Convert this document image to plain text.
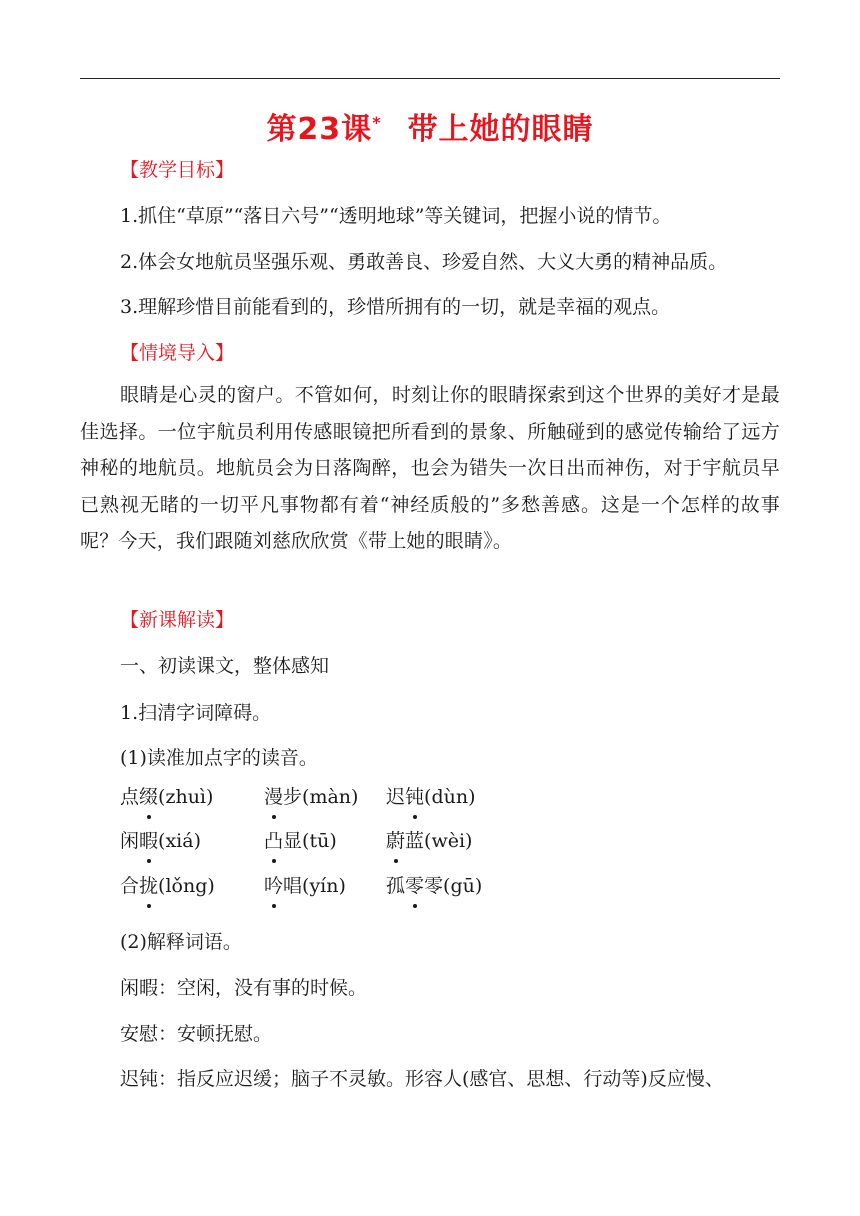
第23课* 带上她的眼睛
【教学目标】
1.抓住“草原”“落日六号”“透明地球”等关键词，把握小说的情节。
2.体会女地航员坚强乐观、勇敢善良、珍爱自然、大义大勇的精神品质。
3.理解珍惜目前能看到的，珍惜所拥有的一切，就是幸福的观点。
【情境导入】
眼睛是心灵的窗户。不管如何，时刻让你的眼睛探索到这个世界的美好才是最佳选择。一位宇航员利用传感眼镜把所看到的景象、所触碰到的感觉传输给了远方神秘的地航员。地航员会为日落陶醉，也会为错失一次日出而神伤，对于宇航员早已熟视无睹的一切平凡事物都有着“神经质般的”多愁善感。这是一个怎样的故事呢？今天，我们跟随刘慈欣欣赏《带上她的眼睛》。
【新课解读】
一、初读课文，整体感知
1.扫清字词障碍。
(1)读准加点字的读音。
点缀(zhuì)	漫步(màn) 迟钝(dùn)
闲暇(xiá)	凸显(tū)	蔚蓝(wèi)
合拢(lǒng)	吟唱(yín) 孤零零(gū)
(2)解释词语。
闲暇：空闲，没有事的时候。
安慰：安顿抚慰。
迟钝：指反应迟缓；脑子不灵敏。形容人(感官、思想、行动等)反应慢、
